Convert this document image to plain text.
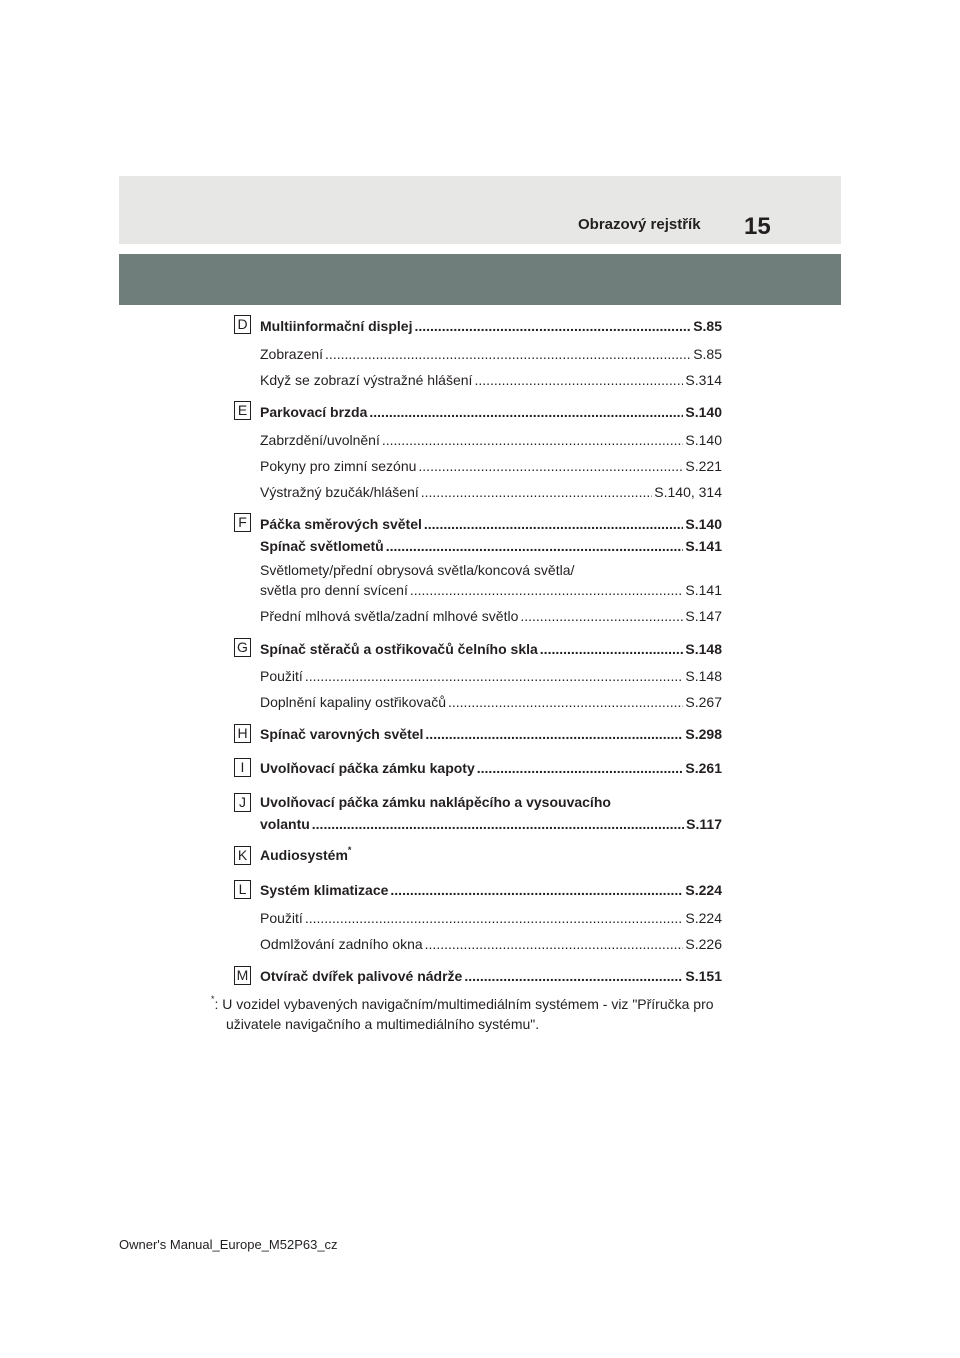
Obrazový rejstřík 15
D Multiinformační displej .....	S.85
Zobrazení .....	S.85
Když se zobrazí výstražné hlášení .....	S.314
E Parkovací brzda .....	S.140
Zabrzdění/uvolnění .....	S.140
Pokyny pro zimní sezónu .....	S.221
Výstražný bzučák/hlášení .....	S.140, 314
F Páčka směrových světel .....	S.140
Spínač světlometů .....	S.141
Světlomety/přední obrysová světla/koncová světla/
světla pro denní svícení .....	S.141
Přední mlhová světla/zadní mlhové světlo .....	S.147
G Spínač stěračů a ostřikovačů čelního skla .....	S.148
Použití .....	S.148
Doplnění kapaliny ostřikovačů .....	S.267
H Spínač varovných světel .....	S.298
I	Uvolňovací páčka zámku kapoty .....	S.261
J	Uvolňovací páčka zámku naklápěcího a vysouvacího
volantu .....	S.117
K Audiosystém*
L Systém klimatizace .....	S.224
Použití .....	S.224
Odmlžování zadního okna .....	S.226
M Otvírač dvířek palivové nádrže .....	S.151
*: U vozidel vybavených navigačním/multimediálním systémem - viz "Příručka pro
uživatele navigačního a multimediálního systému".
Owner's Manual_Europe_M52P63_cz
